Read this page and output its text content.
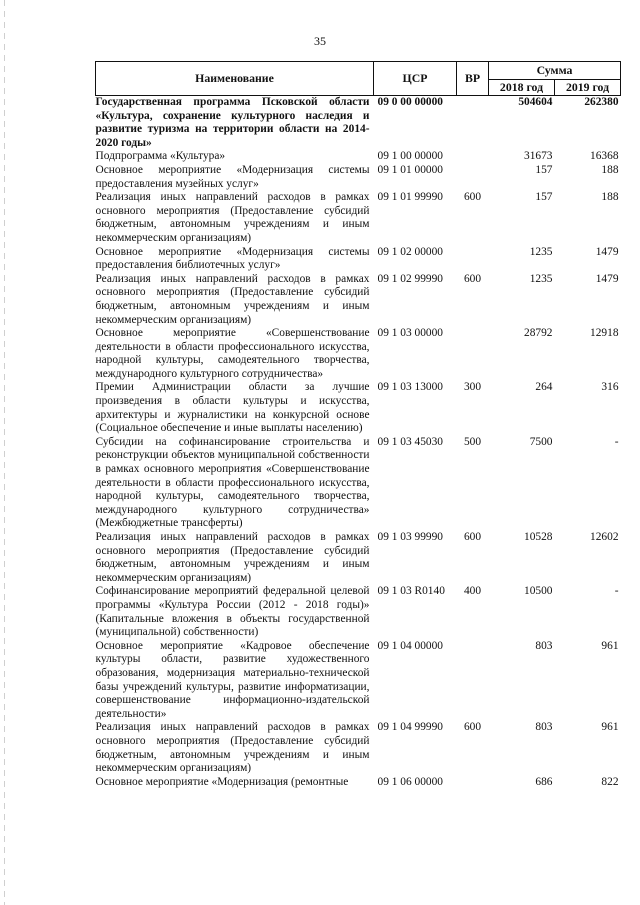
35
Наименование	ЦСР	ВР	Сумма	
			2018 год	2019 год
Государственная программа Псковской области «Культура, сохранение культурного наследия и развитие туризма на территории области на 2014-2020 годы»	09 0 00 00000		504604	262380
Подпрограмма «Культура»	09 1 00 00000		31673	16368
Основное мероприятие «Модернизация системы предоставления музейных услуг»	09 1 01 00000		157	188
Реализация иных направлений расходов в рамках основного мероприятия (Предоставление субсидий бюджетным, автономным учреждениям и иным некоммерческим организациям)	09 1 01 99990	600	157	188
Основное мероприятие «Модернизация системы предоставления библиотечных услуг»	09 1 02 00000		1235	1479
Реализация иных направлений расходов в рамках основного мероприятия (Предоставление субсидий бюджетным, автономным учреждениям и иным некоммерческим организациям)	09 1 02 99990	600	1235	1479
Основное мероприятие «Совершенствование деятельности в области профессионального искусства, народной культуры, самодеятельного творчества, международного культурного сотрудничества»	09 1 03 00000		28792	12918
Премии Администрации области за лучшие произведения в области культуры и искусства, архитектуры и журналистики на конкурсной основе (Социальное обеспечение и иные выплаты населению)	09 1 03 13000	300	264	316
Субсидии на софинансирование строительства и реконструкции объектов муниципальной собственности в рамках основного мероприятия «Совершенствование деятельности в области профессионального искусства, народной культуры, самодеятельного творчества, международного культурного сотрудничества» (Межбюджетные трансферты)	09 1 03 45030	500	7500	-
Реализация иных направлений расходов в рамках основного мероприятия (Предоставление субсидий бюджетным, автономным учреждениям и иным некоммерческим организациям)	09 1 03 99990	600	10528	12602
Софинансирование мероприятий федеральной целевой программы «Культура России (2012 - 2018 годы)» (Капитальные вложения в объекты государственной (муниципальной) собственности)	09 1 03 R0140	400	10500	-
Основное мероприятие «Кадровое обеспечение культуры области, развитие художественного образования, модернизация материально-технической базы учреждений культуры, развитие информатизации, совершенствование информационно-издательской деятельности»	09 1 04 00000		803	961
Реализация иных направлений расходов в рамках основного мероприятия (Предоставление субсидий бюджетным, автономным учреждениям и иным некоммерческим организациям)	09 1 04 99990	600	803	961
Основное мероприятие «Модернизация (ремонтные	09 1 06 00000		686	822
